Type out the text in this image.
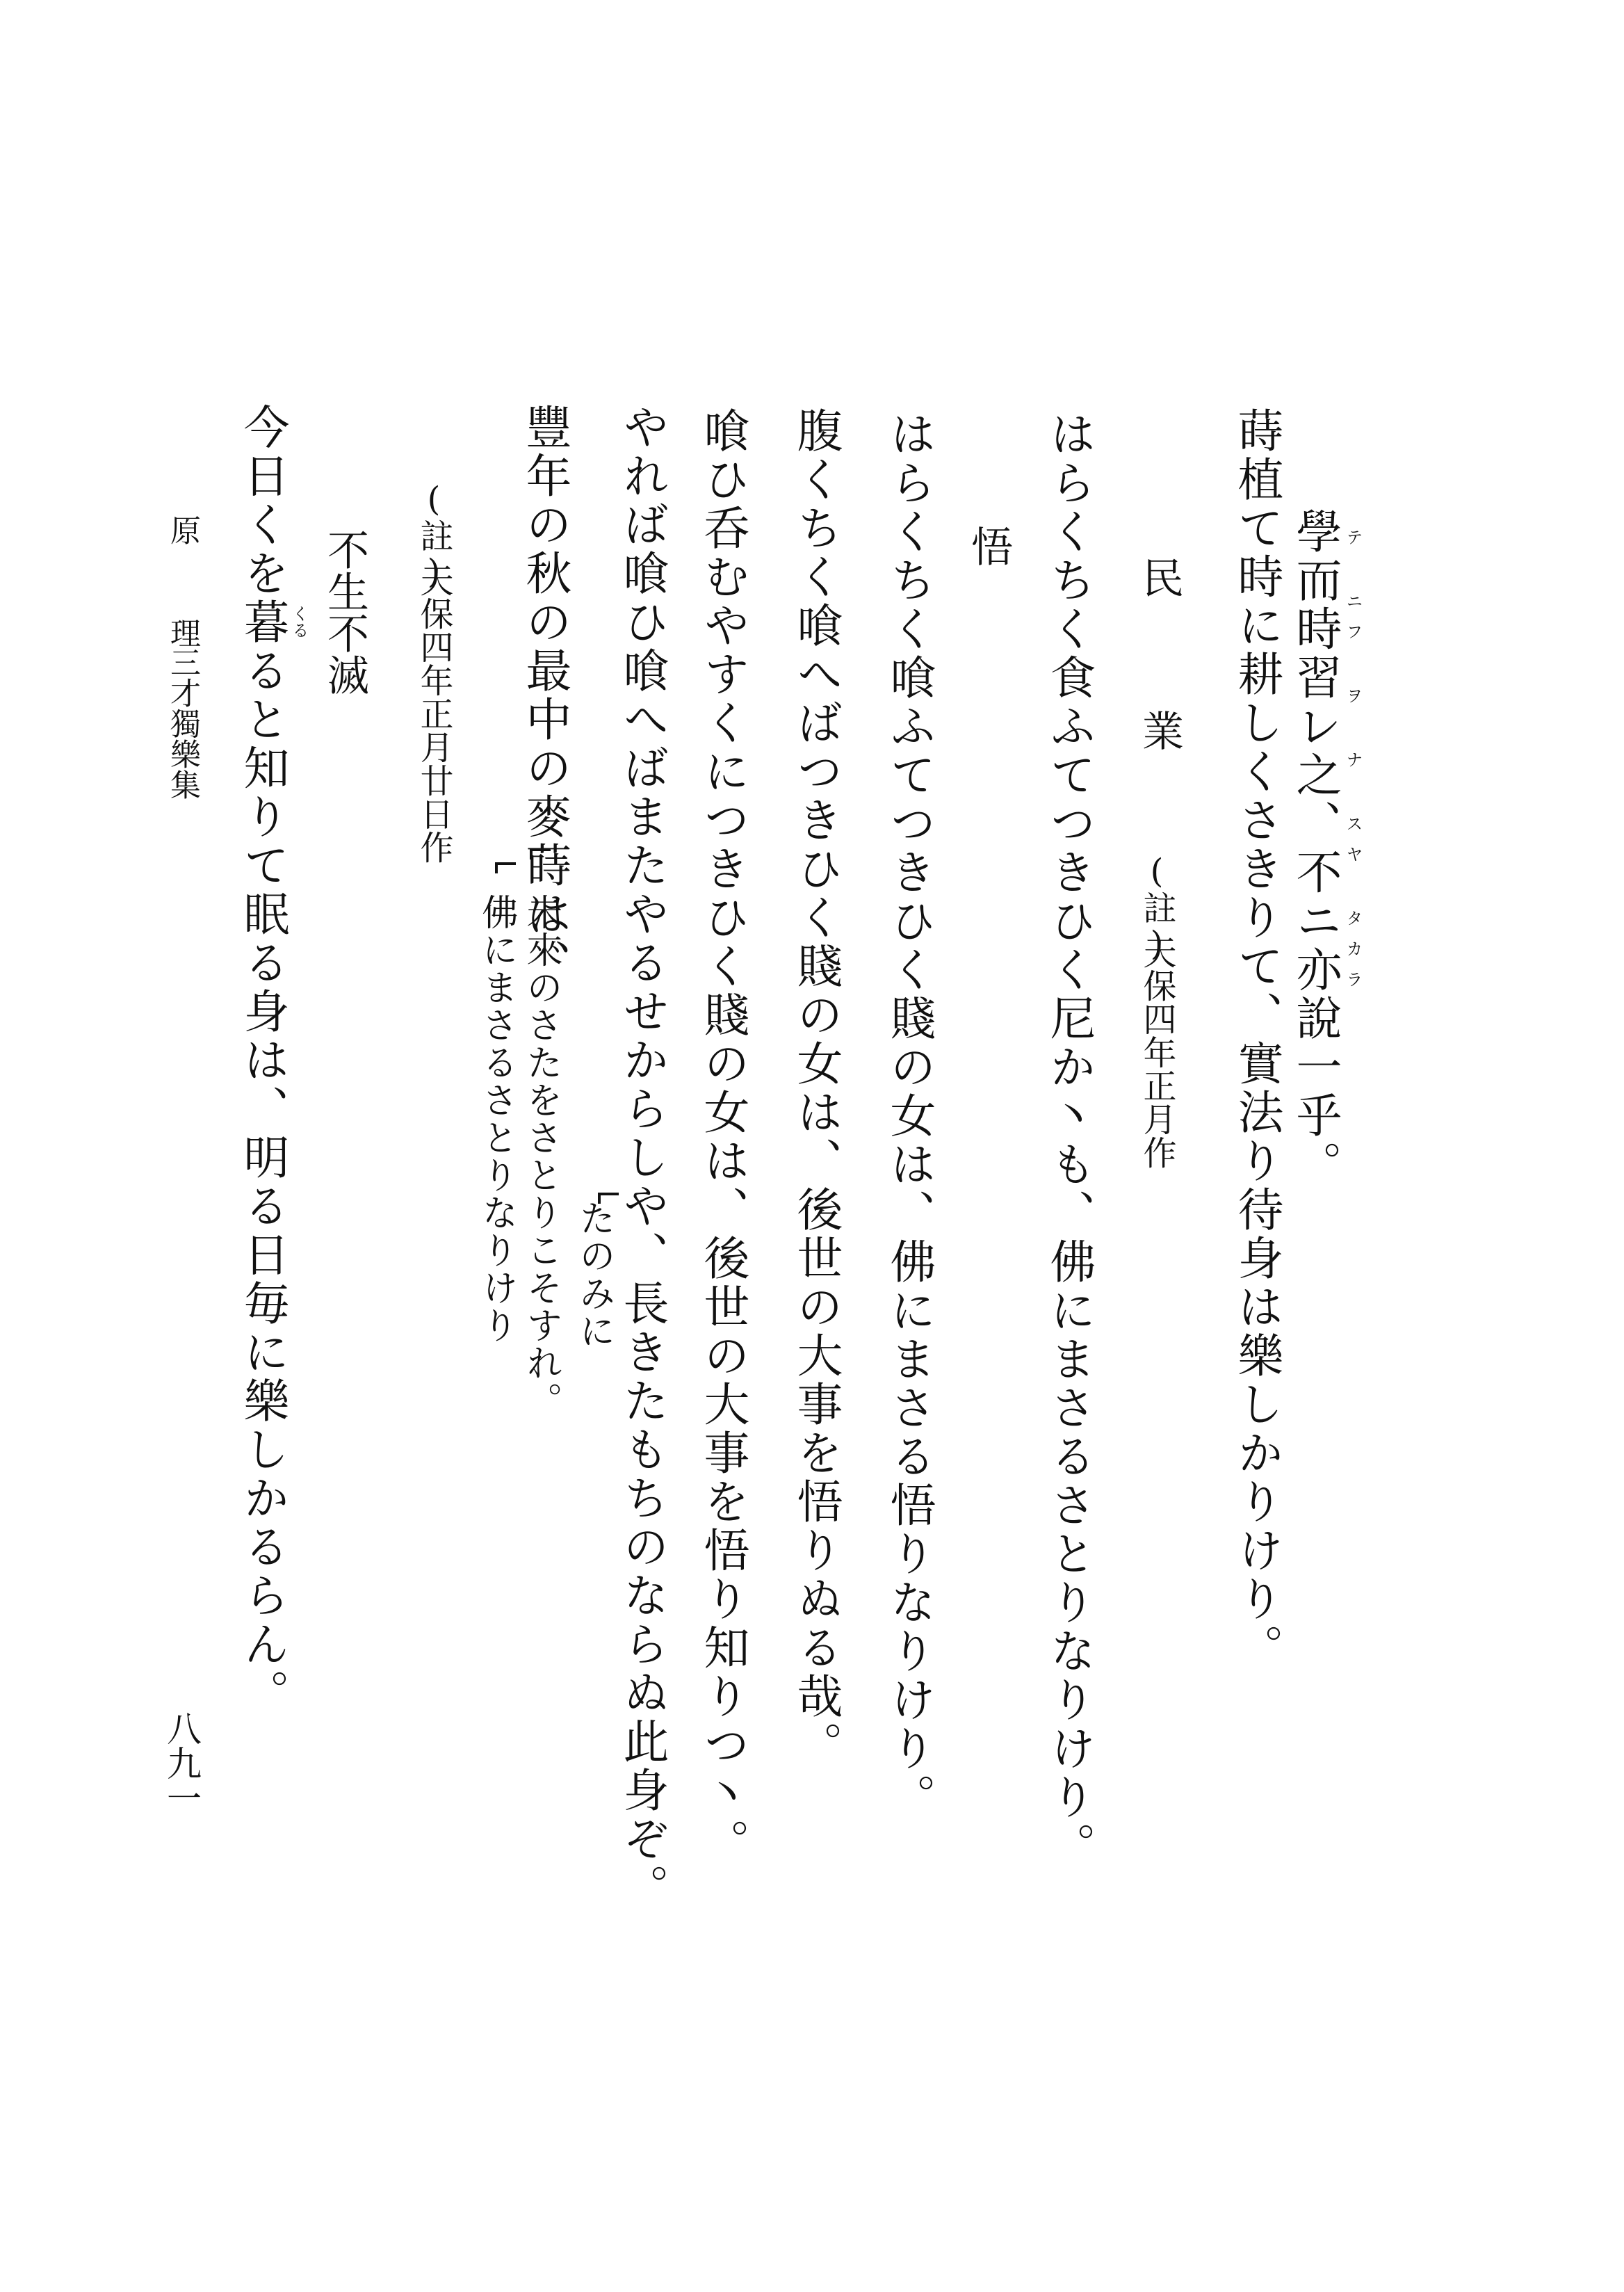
學而時習レ之、不ニ亦說一乎。 テ ニフ ヲ ナ スヤ タカラ
蒔植て時に耕しくさきりて、實法り待身は樂しかりけり。
民　業
(註)
天保四年正月作
はらくちく食ふてつきひく尼か丶も、佛にまさるさとりなりけり。
悟
はらくちく喰ふてつきひく賤の女は、佛にまさる悟りなりけり。
腹くちく喰へばつきひく賤の女は、後世の大事を悟りぬる哉。
喰ひ呑むやすくにつきひく賤の女は、後世の大事を悟り知りつ丶。
やれば喰ひ喰へばまたやるせからしや、長きたもちのならぬ此身ぞ。
たのみに
豐年の秋の最中の麥蒔は、
未來のさたをさとりこそすれ。
佛にまさるさとりなりけり
(註)
天保四年正月廿日作
不生不滅
今日くを暮ると知りて眠る身は、明る日毎に樂しかるらん。 くる
原　理
三才獨樂集
八九一
